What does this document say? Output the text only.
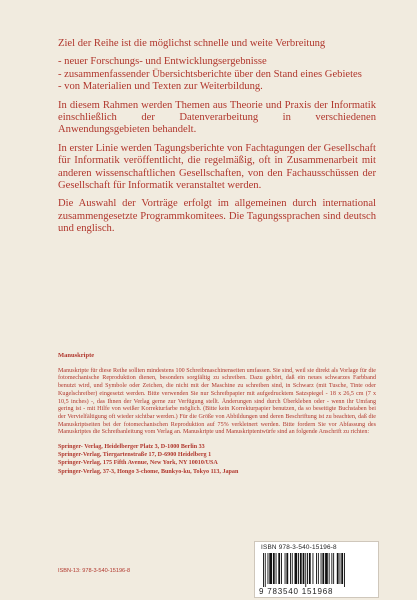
Ziel der Reihe ist die möglichst schnelle und weite Verbreitung

- neuer Forschungs- und Entwicklungsergebnisse
- zusammenfassender Übersichtsberichte über den Stand eines Gebietes
- von Materialien und Texten zur Weiterbildung.

In diesem Rahmen werden Themen aus Theorie und Praxis der Informatik einschließlich der Datenverarbeitung in verschiedenen Anwendungsgebieten behandelt.

In erster Linie werden Tagungsberichte von Fachtagungen der Gesellschaft für Informatik veröffentlicht, die regelmäßig, oft in Zusammenarbeit mit anderen wissenschaftlichen Gesellschaften, von den Fachausschüssen der Gesellschaft für Informatik veranstaltet werden.

Die Auswahl der Vorträge erfolgt im allgemeinen durch international zusammengesetzte Programmkomitees. Die Tagungssprachen sind deutsch und englisch.

Manuskripte
Manuskripte für diese Reihe sollten mindestens 100 Schreibmaschinenseiten umfassen. Sie sind, weil sie direkt als Vorlage für die fotomechanische Reproduktion dienen, besonders sorgfältig zu schreiben. Dazu gehört, daß ein neues schwarzes Farbband benutzt wird, und Symbole oder Zeichen, die nicht mit der Maschine zu schreiben sind, in Schwarz (mit Tusche, Tinte oder Kugelschreiber) eingesetzt werden. Bitte verwenden Sie nur Schreibpapier mit aufgedrucktem Satzspiegel - 18 x 26,5 cm (7 x 10,5 inches) -, das Ihnen der Verlag gerne zur Verfügung stellt. Änderungen sind durch Überkleben oder - wenn ihr Umfang gering ist - mit Hilfe von weißer Korrekturfarbe möglich. (Bitte kein Korrekturpapier benutzen, da so beseitigte Buchstaben bei der Vervielfältigung oft wieder sichtbar werden.) Für die Größe von Abbildungen und deren Beschriftung ist zu beachten, daß die Manuskriptseiten bei der fotomechanischen Reproduktion auf 75% verkleinert werden. Bitte fordern Sie vor Abfassung des Manuskriptes die Schreibanleitung vom Verlag an. Manuskripte und Manuskriptentwürfe sind an folgende Anschrift zu richten:
Springer- Verlag, Heidelberger Platz 3, D-1000 Berlin 33
Springer-Verlag, Tiergartenstraße 17, D-6900 Heidelberg 1
Springer-Verlag, 175 Fifth Avenue, New York, NY 10010/USA
Springer-Verlag, 37-3, Hongo 3-chome, Bunkyo-ku, Tokyo 113, Japan
ISBN-13: 978-3-540-15196-8
ISBN 978-3-540-15196-8
9 783540 151968
